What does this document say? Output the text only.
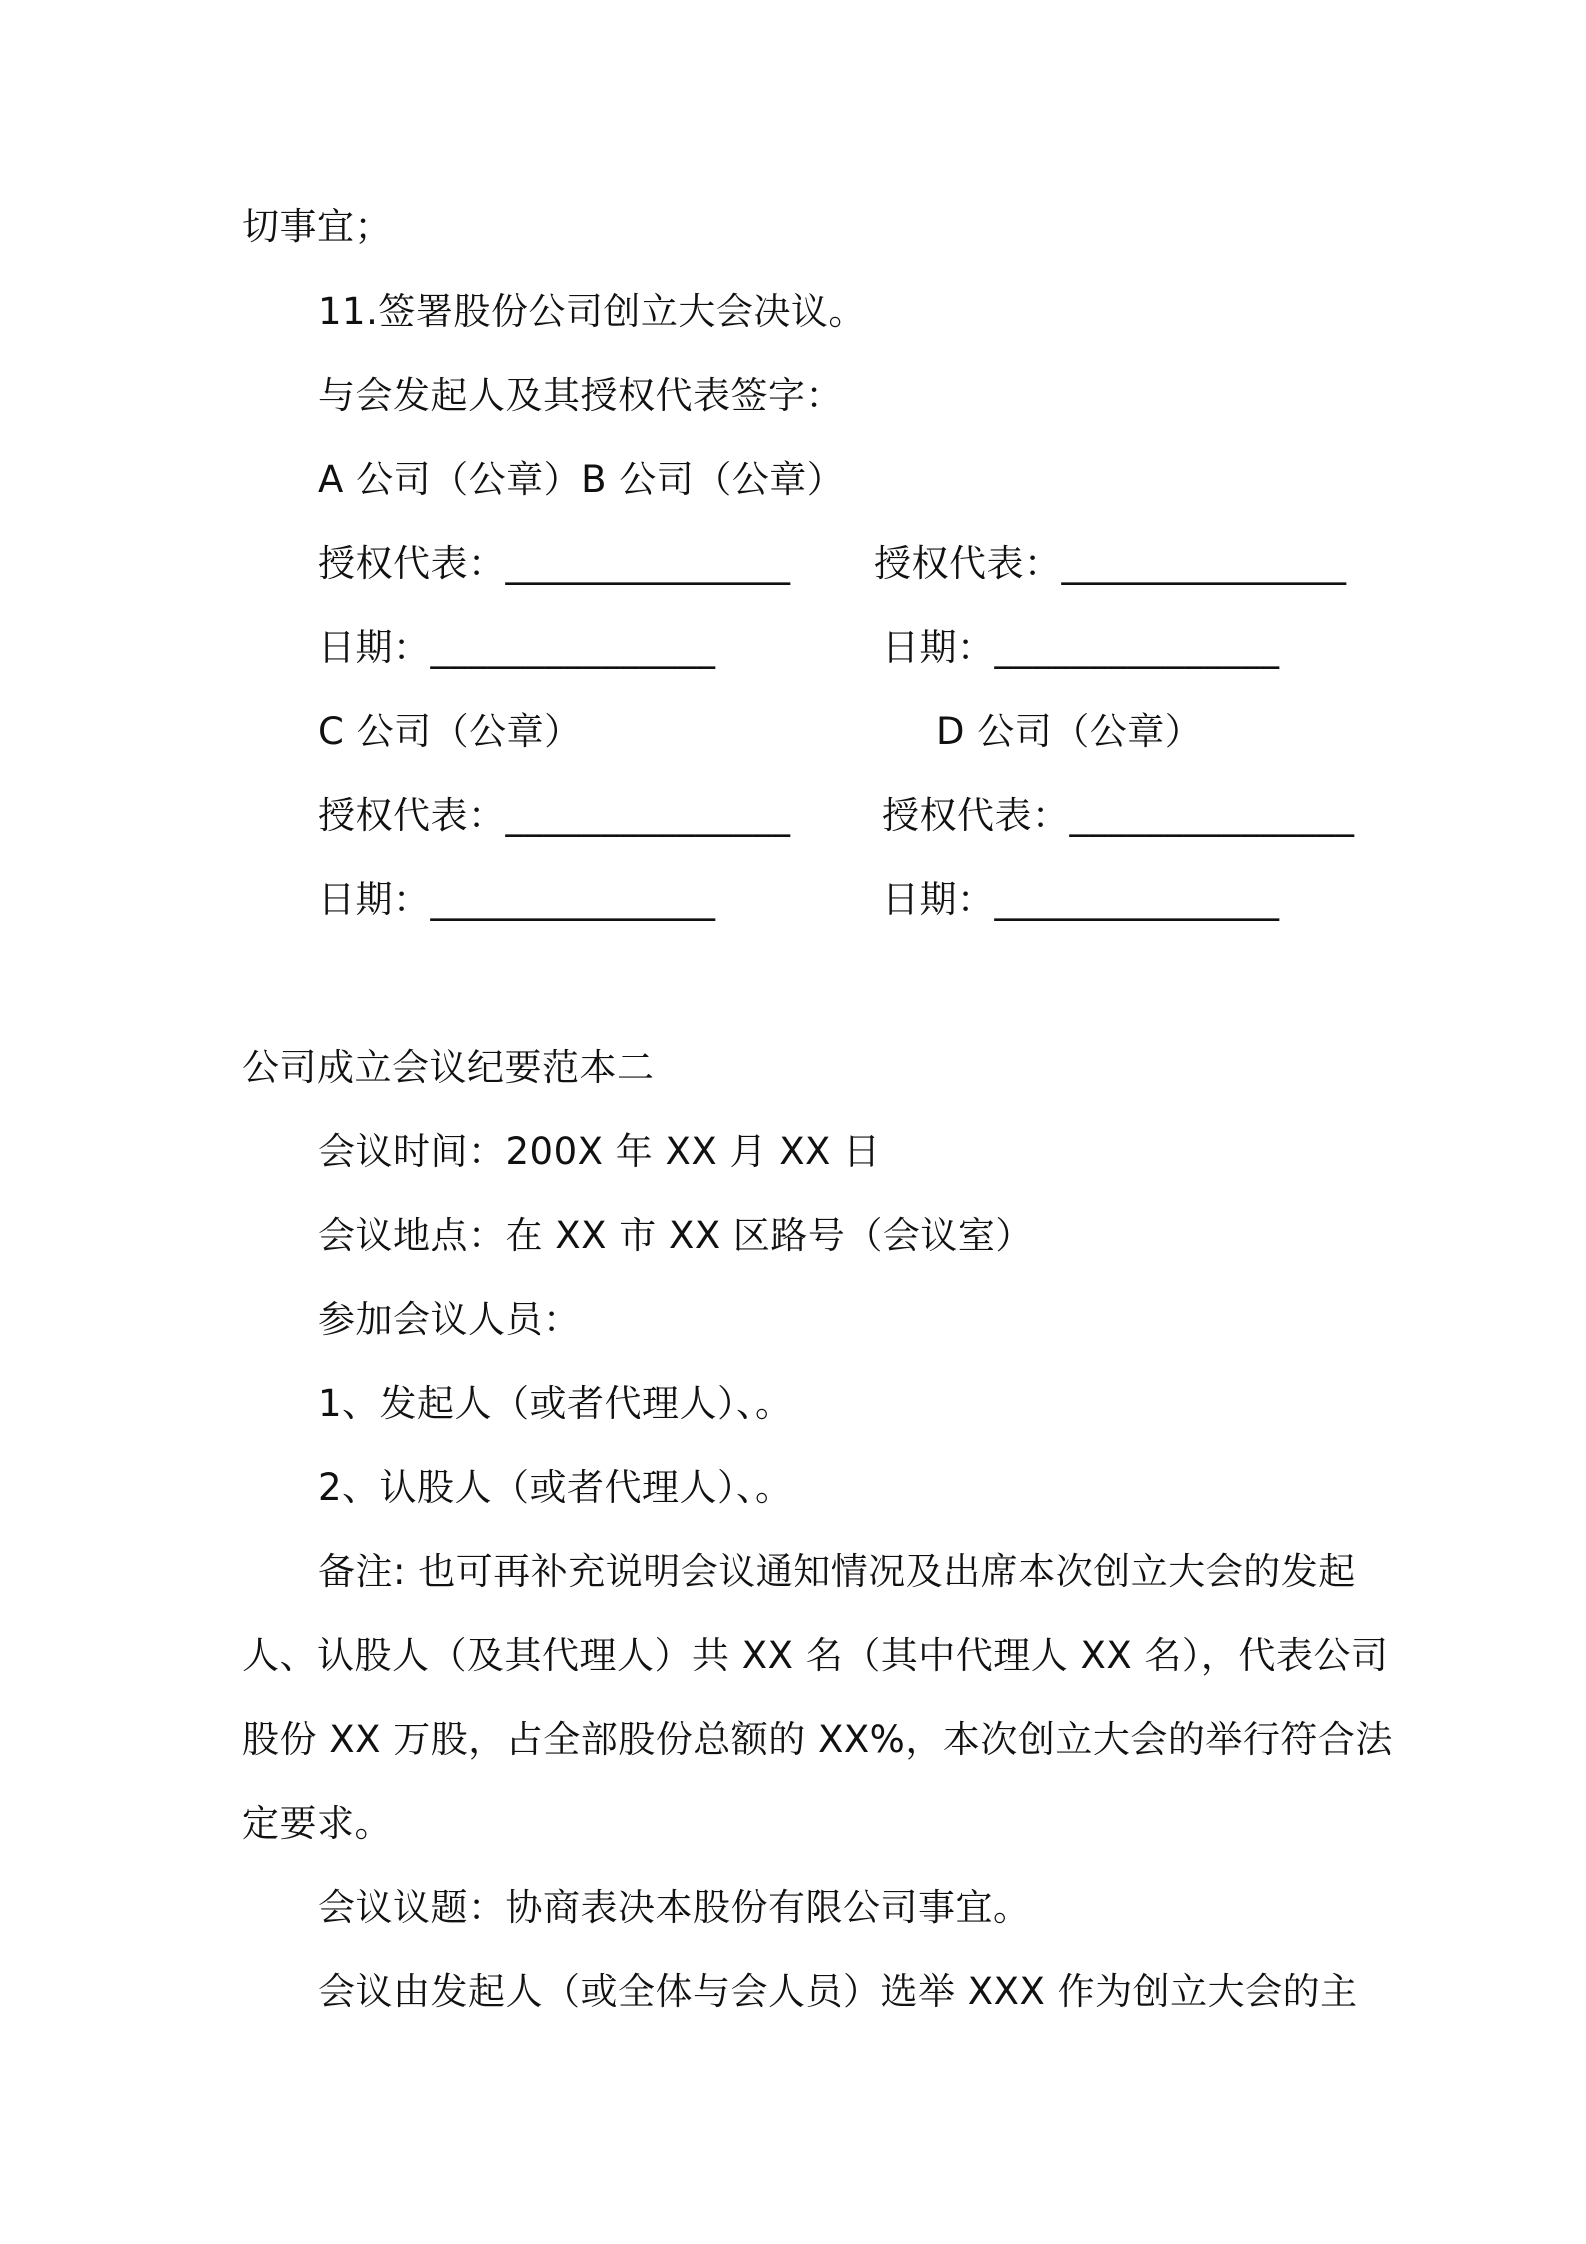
切事宜；
11.签署股份公司创立大会决议。
与会发起人及其授权代表签字：
A 公司（公章）B 公司（公章）
授权代表：_______________ 授权代表：_______________
日期：_______________	日期：_______________
C 公司（公章）	D 公司（公章）
授权代表：_______________ 授权代表：_______________
日期：_______________	日期：_______________
公司成立会议纪要范本二
会议时间：200X 年 XX 月 XX 日
会议地点：在 XX 市 XX 区路号（会议室）
参加会议人员：
1、发起人（或者代理人）、。
2、认股人（或者代理人）、。
备注: 也可再补充说明会议通知情况及出席本次创立大会的发起
人、认股人（及其代理人）共 XX 名（其中代理人 XX 名），代表公司
股份 XX 万股，占全部股份总额的 XX%，本次创立大会的举行符合法
定要求。
会议议题：协商表决本股份有限公司事宜。
会议由发起人（或全体与会人员）选举 XXX 作为创立大会的主
